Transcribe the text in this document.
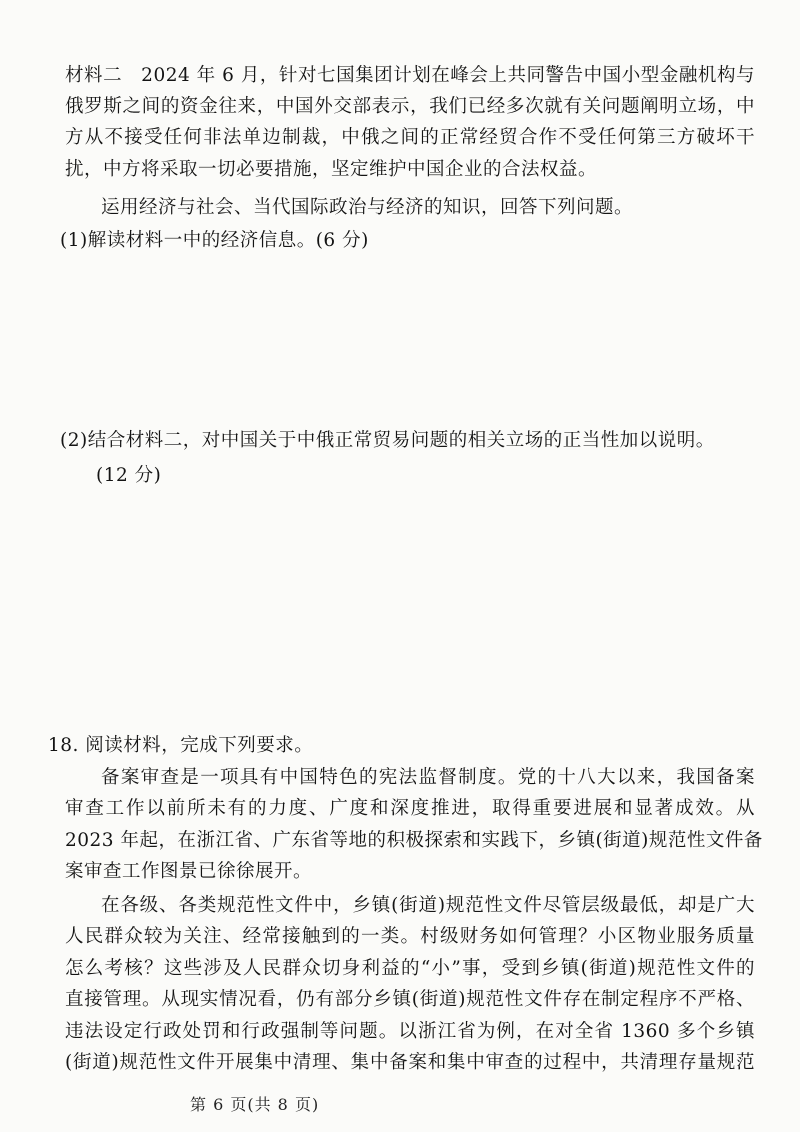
材料二　2024 年 6 月，针对七国集团计划在峰会上共同警告中国小型金融机构与
俄罗斯之间的资金往来，中国外交部表示，我们已经多次就有关问题阐明立场，中
方从不接受任何非法单边制裁，中俄之间的正常经贸合作不受任何第三方破坏干
扰，中方将采取一切必要措施，坚定维护中国企业的合法权益。
运用经济与社会、当代国际政治与经济的知识，回答下列问题。
(1)解读材料一中的经济信息。(6 分)
(2)结合材料二，对中国关于中俄正常贸易问题的相关立场的正当性加以说明。
(12 分)
18. 阅读材料，完成下列要求。
备案审查是一项具有中国特色的宪法监督制度。党的十八大以来，我国备案
审查工作以前所未有的力度、广度和深度推进，取得重要进展和显著成效。从
2023 年起，在浙江省、广东省等地的积极探索和实践下，乡镇(街道)规范性文件备
案审查工作图景已徐徐展开。
在各级、各类规范性文件中，乡镇(街道)规范性文件尽管层级最低，却是广大
人民群众较为关注、经常接触到的一类。村级财务如何管理？小区物业服务质量
怎么考核？这些涉及人民群众切身利益的“小”事，受到乡镇(街道)规范性文件的
直接管理。从现实情况看，仍有部分乡镇(街道)规范性文件存在制定程序不严格、
违法设定行政处罚和行政强制等问题。以浙江省为例，在对全省 1360 多个乡镇
(街道)规范性文件开展集中清理、集中备案和集中审查的过程中，共清理存量规范
第 6 页(共 8 页)
